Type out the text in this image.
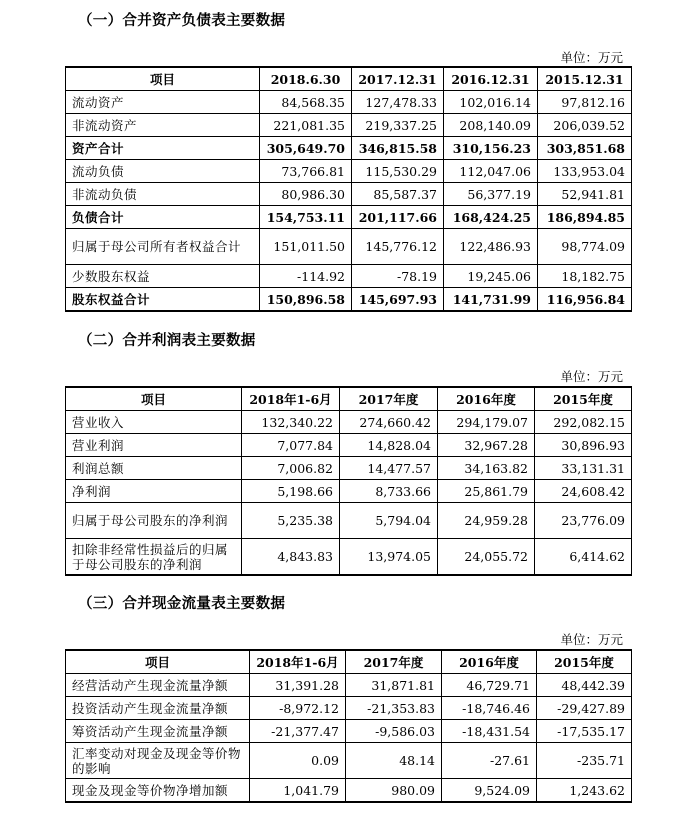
（一）合并资产负债表主要数据
单位：万元
项目	2018.6.30	2017.12.31	2016.12.31	2015.12.31
流动资产	84,568.35	127,478.33	102,016.14	97,812.16
非流动资产	221,081.35	219,337.25	208,140.09	206,039.52
资产合计	305,649.70	346,815.58	310,156.23	303,851.68
流动负债	73,766.81	115,530.29	112,047.06	133,953.04
非流动负债	80,986.30	85,587.37	56,377.19	52,941.81
负债合计	154,753.11	201,117.66	168,424.25	186,894.85
归属于母公司所有者权益合计	151,011.50	145,776.12	122,486.93	98,774.09
少数股东权益	-114.92	-78.19	19,245.06	18,182.75
股东权益合计	150,896.58	145,697.93	141,731.99	116,956.84
（二）合并利润表主要数据
单位：万元
项目	2018年1-6月	2017年度	2016年度	2015年度
营业收入	132,340.22	274,660.42	294,179.07	292,082.15
营业利润	7,077.84	14,828.04	32,967.28	30,896.93
利润总额	7,006.82	14,477.57	34,163.82	33,131.31
净利润	5,198.66	8,733.66	25,861.79	24,608.42
归属于母公司股东的净利润	5,235.38	5,794.04	24,959.28	23,776.09
扣除非经常性损益后的归属于母公司股东的净利润	4,843.83	13,974.05	24,055.72	6,414.62
（三）合并现金流量表主要数据
单位：万元
项目	2018年1-6月	2017年度	2016年度	2015年度
经营活动产生现金流量净额	31,391.28	31,871.81	46,729.71	48,442.39
投资活动产生现金流量净额	-8,972.12	-21,353.83	-18,746.46	-29,427.89
筹资活动产生现金流量净额	-21,377.47	-9,586.03	-18,431.54	-17,535.17
汇率变动对现金及现金等价物的影响	0.09	48.14	-27.61	-235.71
现金及现金等价物净增加额	1,041.79	980.09	9,524.09	1,243.62
